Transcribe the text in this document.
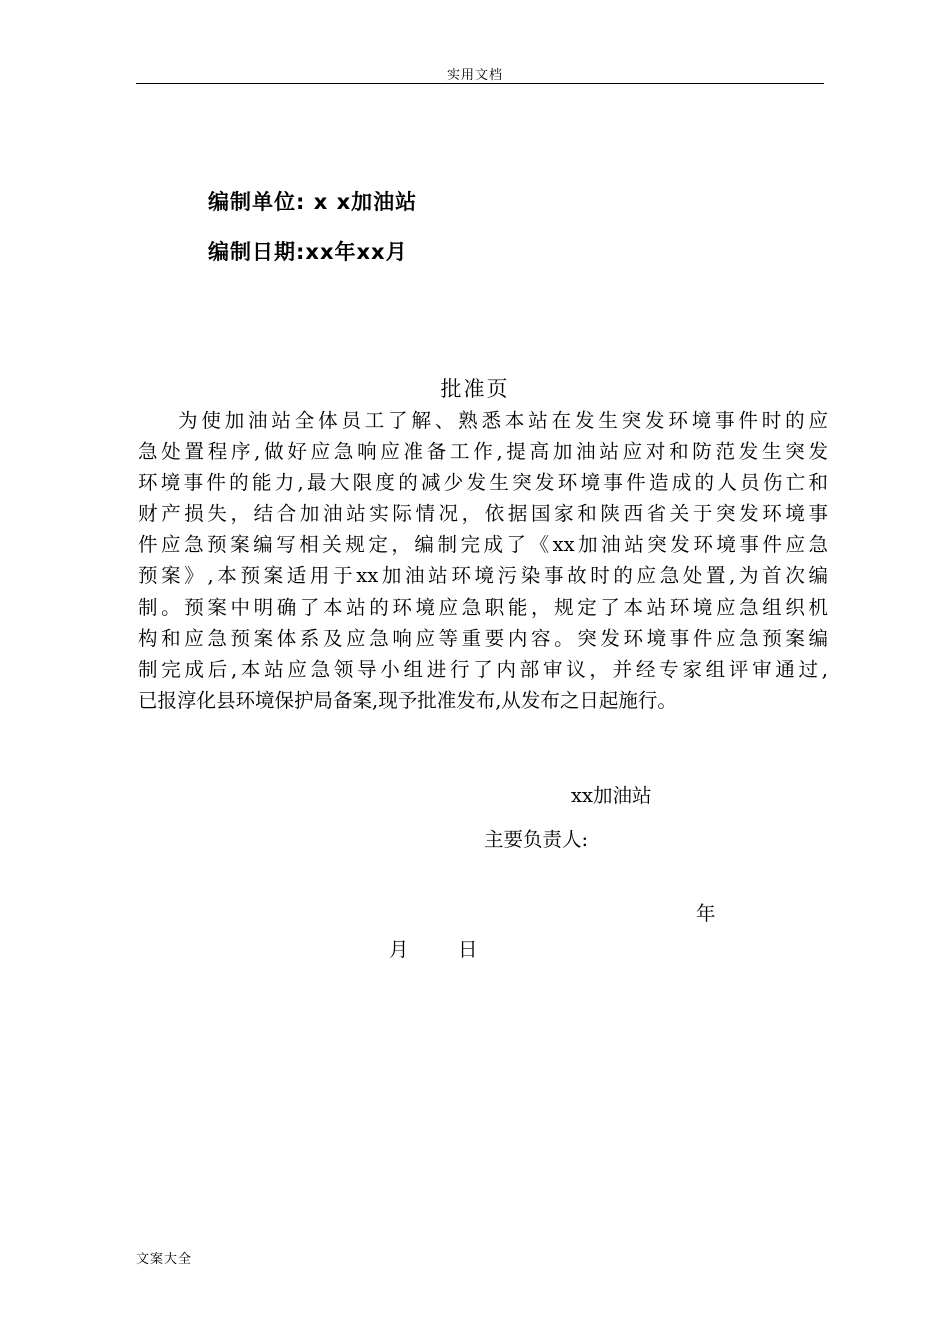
实用文档
编制单位: x x加油站
编制日期:xx年xx月
批准页
为使加油站全体员工了解、熟悉本站在发生突发环境事件时的应
急处置程序,做好应急响应准备工作,提高加油站应对和防范发生突发
环境事件的能力,最大限度的减少发生突发环境事件造成的人员伤亡和
财产损失，结合加油站实际情况，依据国家和陕西省关于突发环境事
件应急预案编写相关规定，编制完成了《xx加油站突发环境事件应急
预案》,本预案适用于xx加油站环境污染事故时的应急处置,为首次编
制。预案中明确了本站的环境应急职能，规定了本站环境应急组织机
构和应急预案体系及应急响应等重要内容。突发环境事件应急预案编
制完成后,本站应急领导小组进行了内部审议，并经专家组评审通过,
已报淳化县环境保护局备案,现予批准发布,从发布之日起施行。
xx加油站
主要负责人:
年
月	日
文案大全
